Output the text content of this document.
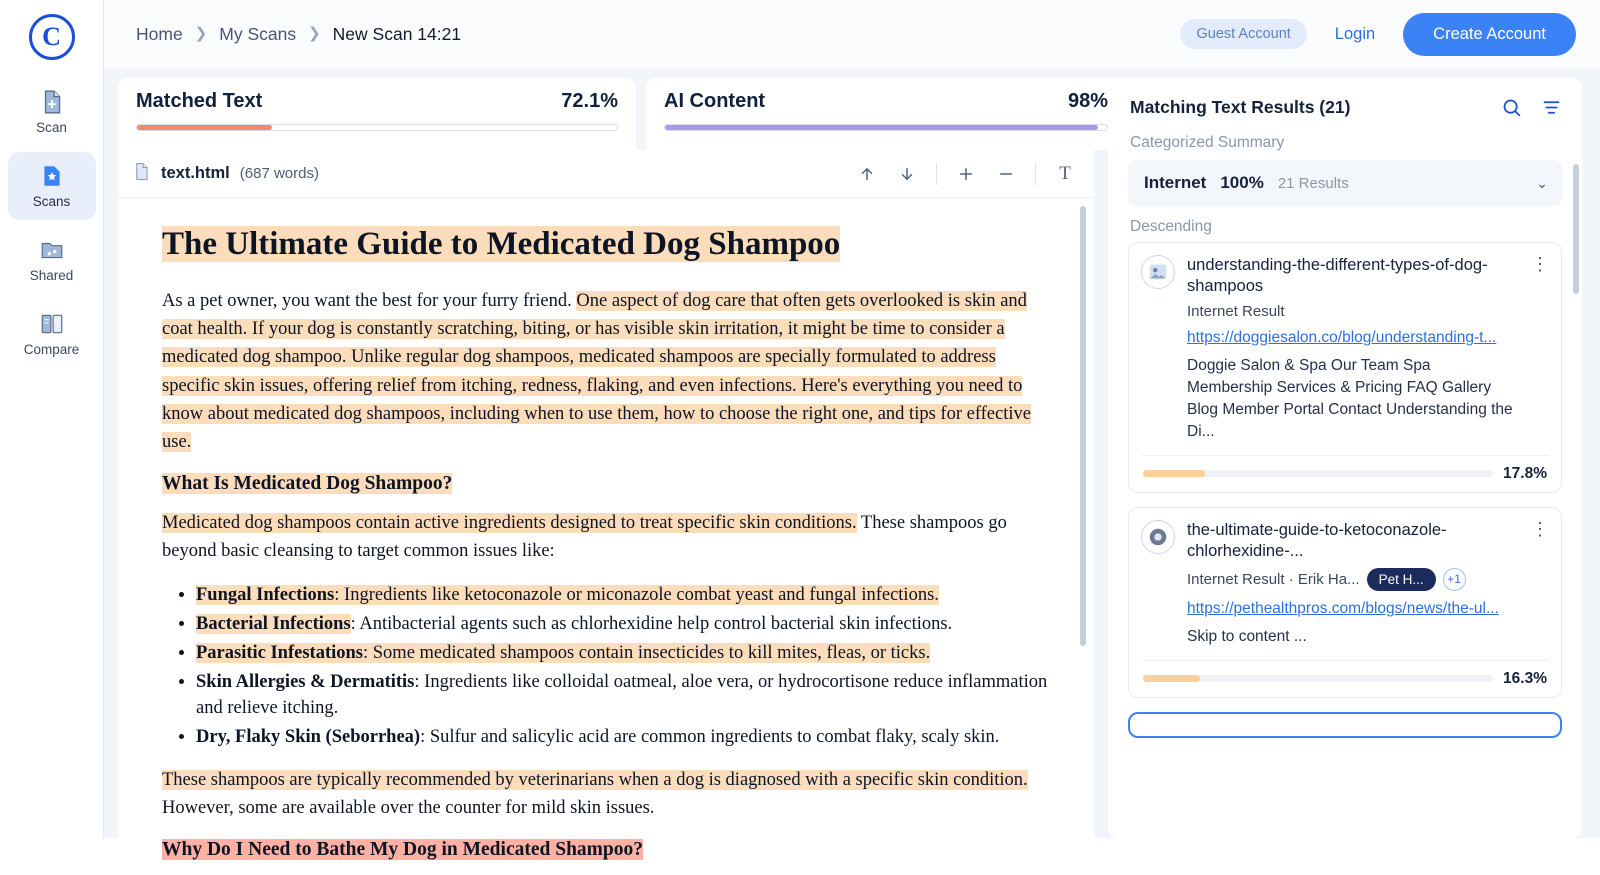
C
Scan
Scans
Shared
Compare
Home ❯ My Scans ❯ New Scan 14:21	Guest Account	Login	Create Account
Matched Text	72.1% AI Content	98%
text.html (687 words)	T
The Ultimate Guide to Medicated Dog Shampoo

As a pet owner, you want the best for your furry friend. One aspect of dog care that often gets overlooked is skin and coat health. If your dog is constantly scratching, biting, or has visible skin irritation, it might be time to consider a medicated dog shampoo. Unlike regular dog shampoos, medicated shampoos are specially formulated to address specific skin issues, offering relief from itching, redness, flaking, and even infections. Here's everything you need to know about medicated dog shampoos, including when to use them, how to choose the right one, and tips for effective use.

What Is Medicated Dog Shampoo?

Medicated dog shampoos contain active ingredients designed to treat specific skin conditions. These shampoos go beyond basic cleansing to target common issues like:

• Fungal Infections: Ingredients like ketoconazole or miconazole combat yeast and fungal infections.
• Bacterial Infections: Antibacterial agents such as chlorhexidine help control bacterial skin infections.
• Parasitic Infestations: Some medicated shampoos contain insecticides to kill mites, fleas, or ticks.
• Skin Allergies & Dermatitis: Ingredients like colloidal oatmeal, aloe vera, or hydrocortisone reduce inflammation and relieve itching.
• Dry, Flaky Skin (Seborrhea): Sulfur and salicylic acid are common ingredients to combat flaky, scaly skin.

These shampoos are typically recommended by veterinarians when a dog is diagnosed with a specific skin condition.
However, some are available over the counter for mild skin issues.

Why Do I Need to Bathe My Dog in Medicated Shampoo?

Matching Text Results (21)
Categorized Summary
Internet 100% 21 Results	⌄
Descending
understanding-the-different-types-of-dog-shampoos
Internet Result
https://doggiesalon.co/blog/understanding-t...
Doggie Salon & Spa Our Team Spa Membership Services & Pricing FAQ Gallery Blog Member Portal Contact Understanding the Di...
⋮
17.8%
the-ultimate-guide-to-ketoconazole-chlorhexidine-...
Internet Result · Erik Ha...	Pet H...	+1
https://pethealthpros.com/blogs/news/the-ul...
Skip to content ...
⋮
16.3%
